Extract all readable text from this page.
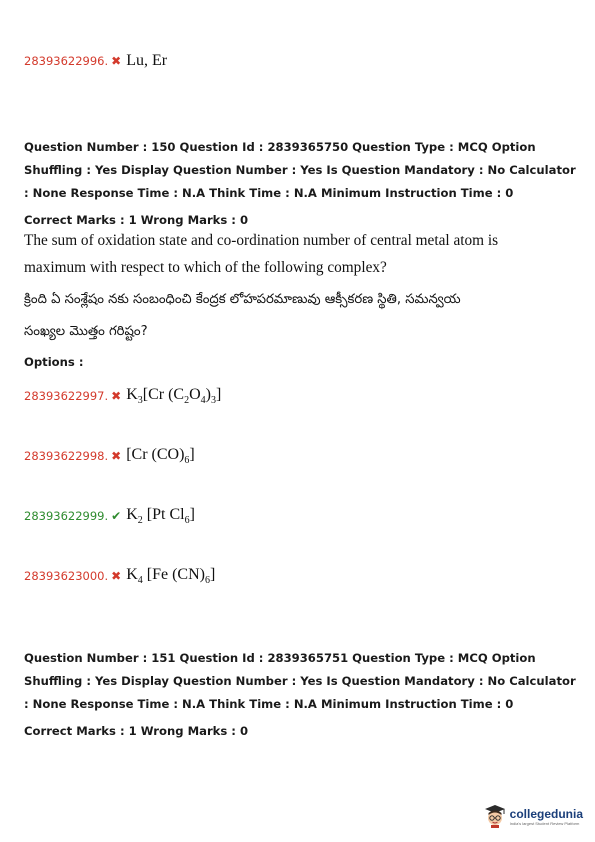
28393622996. ✖ Lu, Er
Question Number : 150 Question Id : 2839365750 Question Type : MCQ Option Shuffling : Yes Display Question Number : Yes Is Question Mandatory : No Calculator : None Response Time : N.A Think Time : N.A Minimum Instruction Time : 0
Correct Marks : 1 Wrong Marks : 0
The sum of oxidation state and co-ordination number of central metal atom is
maximum with respect to which of the following complex?
క్రింది ఏ సంశ్లేషం నకు సంబంధించి కేంద్రక లోహపరమాణువు ఆక్సీకరణ స్థితి, సమన్వయ
సంఖ్యల మొత్తం గరిష్టం?
Options :
28393622997. ✖ $K_3[Cr$ $(C_2O_4)_3$]
28393622998. ✖ [Cr $(CO)_6$]
28393622999. ✔ $K_2$ [Pt $Cl_6$]
28393623000. ✖ $K_4$ [Fe $(CN)_6$]
Question Number : 151 Question Id : 2839365751 Question Type : MCQ Option Shuffling : Yes Display Question Number : Yes Is Question Mandatory : No Calculator : None Response Time : N.A Think Time : N.A Minimum Instruction Time : 0
Correct Marks : 1 Wrong Marks : 0
collegedunia
India's largest Student Review Platform
